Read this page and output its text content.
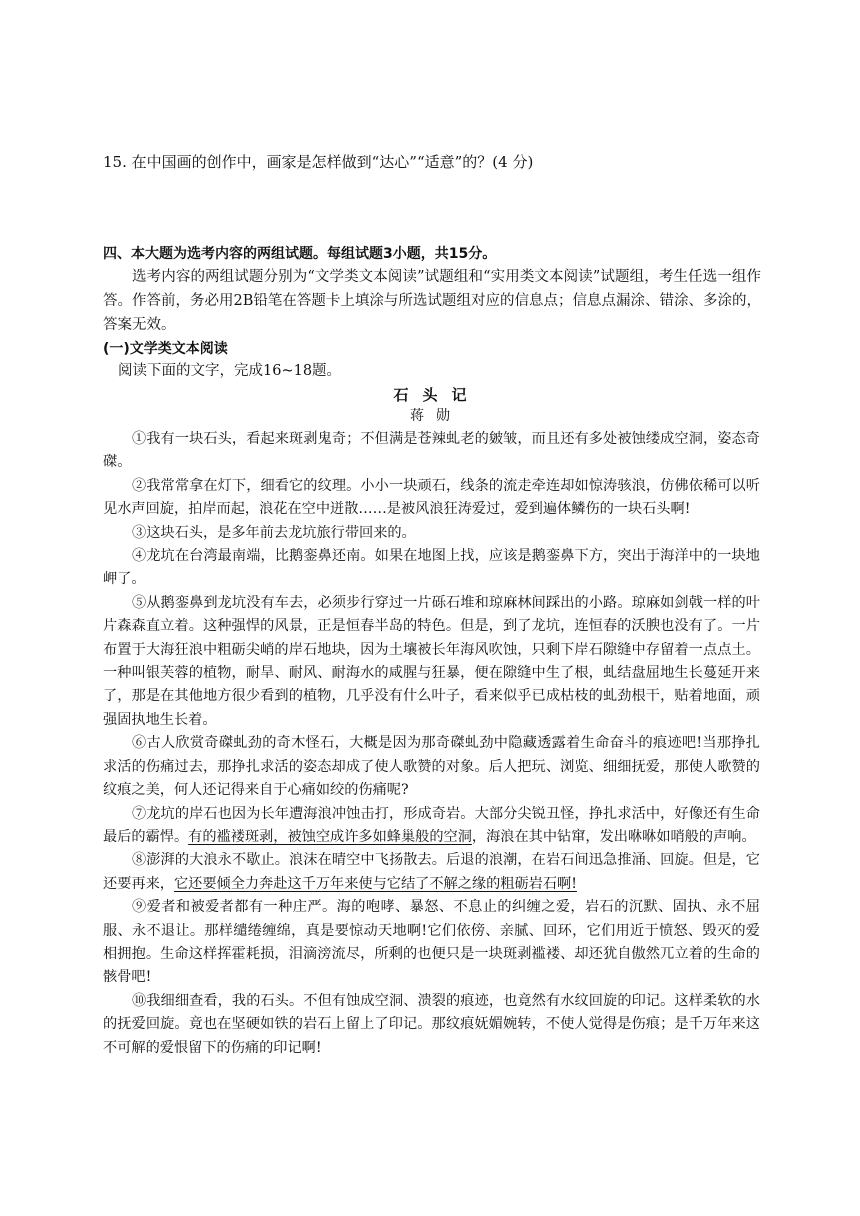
15. 在中国画的创作中，画家是怎样做到“达心”“适意”的？(4 分)
四、本大题为选考内容的两组试题。每组试题3小题，共15分。
选考内容的两组试题分别为“文学类文本阅读”试题组和“实用类文本阅读”试题组，考生任选一组作答。作答前，务必用2B铅笔在答题卡上填涂与所选试题组对应的信息点；信息点漏涂、错涂、多涂的，答案无效。
(一)文学类文本阅读
阅读下面的文字，完成16~18题。
石头记
蒋勋

①我有一块石头，看起来斑剥鬼奇；不但满是苍辣虬老的皴皱，而且还有多处被蚀缕成空洞，姿态奇磔。

②我常常拿在灯下，细看它的纹理。小小一块顽石，线条的流走牵连却如惊涛骇浪，仿佛依稀可以听见水声回旋，拍岸而起，浪花在空中迸散……是被风浪狂涛爱过，爱到遍体鳞伤的一块石头啊!

③这块石头，是多年前去龙坑旅行带回来的。

④龙坑在台湾最南端，比鹅銮鼻还南。如果在地图上找，应该是鹅銮鼻下方，突出于海洋中的一块地岬了。

⑤从鹅銮鼻到龙坑没有车去，必须步行穿过一片砾石堆和琼麻林间踩出的小路。琼麻如剑戟一样的叶片森森直立着。这种强悍的风景，正是恒春半岛的特色。但是，到了龙坑，连恒春的沃腴也没有了。一片布置于大海狂浪中粗砺尖峭的岸石地块，因为土壤被长年海风吹蚀，只剩下岸石隙缝中存留着一点点土。一种叫银芙蓉的植物，耐旱、耐风、耐海水的咸腥与狂暴，便在隙缝中生了根，虬结盘屈地生长蔓延开来了，那是在其他地方很少看到的植物，几乎没有什么叶子，看来似乎已成枯枝的虬劲根干，贴着地面，顽强固执地生长着。

⑥古人欣赏奇磔虬劲的奇木怪石，大概是因为那奇磔虬劲中隐藏透露着生命奋斗的痕迹吧!当那挣扎求活的伤痛过去，那挣扎求活的姿态却成了使人歌赞的对象。后人把玩、浏览、细细抚爱，那使人歌赞的纹痕之美，何人还记得来自于心痛如绞的伤痛呢?

⑦龙坑的岸石也因为长年遭海浪冲蚀击打，形成奇岩。大部分尖锐丑怪，挣扎求活中，好像还有生命最后的霸悍。有的褴褛斑剥，被蚀空成许多如蜂巢般的空洞，海浪在其中钻窜，发出咻咻如哨般的声响。

⑧澎湃的大浪永不歇止。浪沫在晴空中飞扬散去。后退的浪潮，在岩石间迅急推涌、回旋。但是，它还要再来，它还要倾全力奔赴这千万年来使与它结了不解之缘的粗砺岩石啊!

⑨爱者和被爱者都有一种庄严。海的咆哮、暴怒、不息止的纠缠之爱，岩石的沉默、固执、永不屈服、永不退让。那样缱绻缠绵，真是要惊动天地啊!它们依傍、亲腻、回环，它们用近于愤怒、毁灭的爱相拥抱。生命这样挥霍耗损，泪滴滂流尽，所剩的也便只是一块斑剥褴褛、却还犹自傲然兀立着的生命的骸骨吧!

⑩我细细查看，我的石头。不但有蚀成空洞、溃裂的痕迹，也竟然有水纹回旋的印记。这样柔软的水的抚爱回旋。竟也在坚硬如铁的岩石上留上了印记。那纹痕妩媚婉转，不使人觉得是伤痕；是千万年来这不可解的爱恨留下的伤痛的印记啊!
